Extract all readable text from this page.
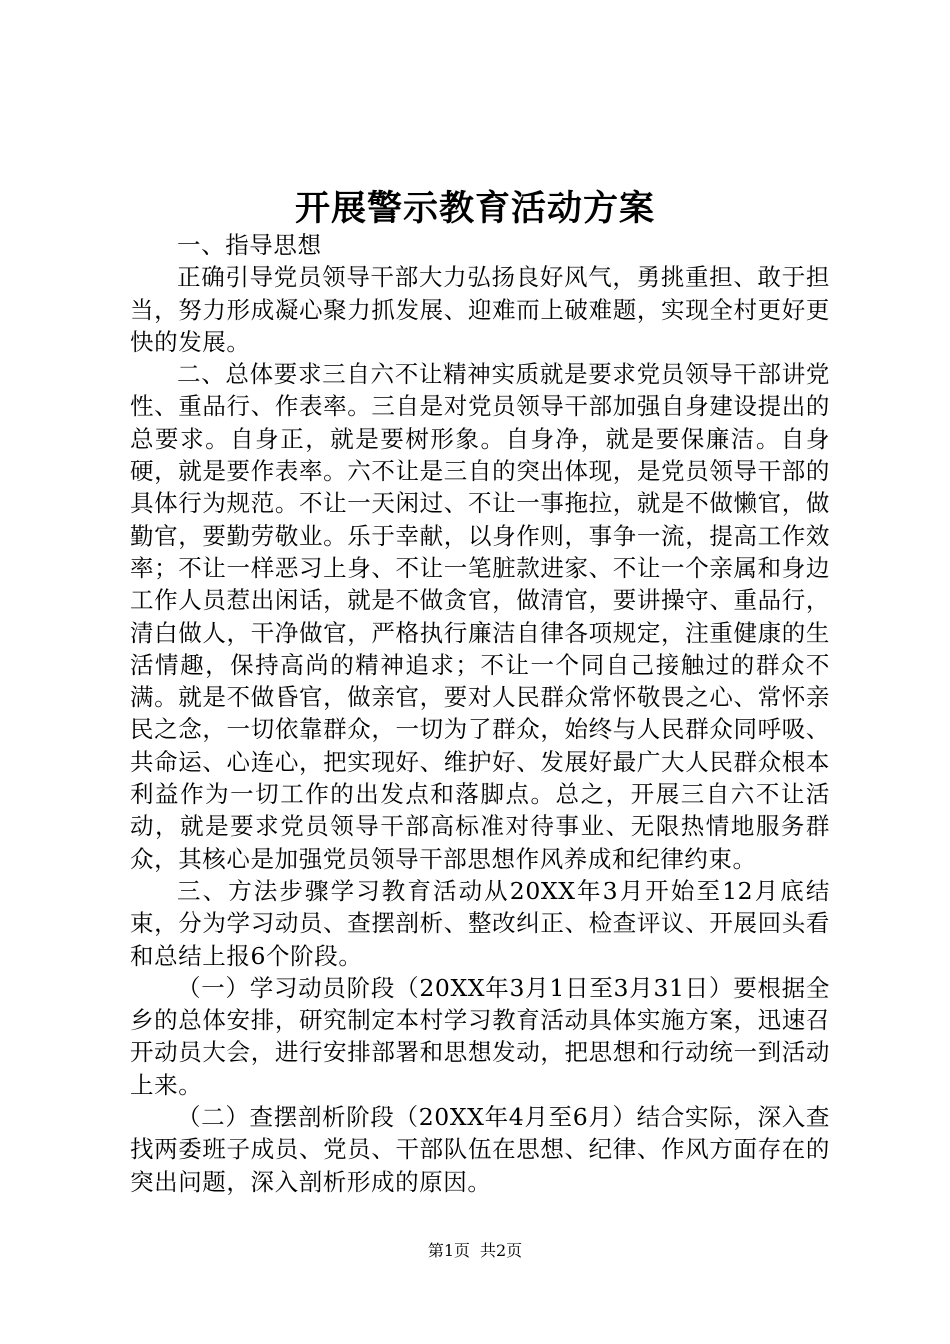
开展警示教育活动方案

一、指导思想

正确引导党员领导干部大力弘扬良好风气，勇挑重担、敢于担当，努力形成凝心聚力抓发展、迎难而上破难题，实现全村更好更快的发展。

二、总体要求三自六不让精神实质就是要求党员领导干部讲党性、重品行、作表率。三自是对党员领导干部加强自身建设提出的总要求。自身正，就是要树形象。自身净，就是要保廉洁。自身硬，就是要作表率。六不让是三自的突出体现，是党员领导干部的具体行为规范。不让一天闲过、不让一事拖拉，就是不做懒官，做勤官，要勤劳敬业。乐于幸献，以身作则，事争一流，提高工作效率；不让一样恶习上身、不让一笔脏款进家、不让一个亲属和身边工作人员惹出闲话，就是不做贪官，做清官，要讲操守、重品行，清白做人，干净做官，严格执行廉洁自律各项规定，注重健康的生活情趣，保持高尚的精神追求；不让一个同自己接触过的群众不满。就是不做昏官，做亲官，要对人民群众常怀敬畏之心、常怀亲民之念，一切依靠群众，一切为了群众，始终与人民群众同呼吸、共命运、心连心，把实现好、维护好、发展好最广大人民群众根本利益作为一切工作的出发点和落脚点。总之，开展三自六不让活动，就是要求党员领导干部高标准对待事业、无限热情地服务群众，其核心是加强党员领导干部思想作风养成和纪律约束。

三、方法步骤学习教育活动从20XX年3月开始至12月底结束，分为学习动员、查摆剖析、整改纠正、检查评议、开展回头看和总结上报6个阶段。

（一）学习动员阶段（20XX年3月1日至3月31日）要根据全乡的总体安排，研究制定本村学习教育活动具体实施方案，迅速召开动员大会，进行安排部署和思想发动，把思想和行动统一到活动上来。

（二）查摆剖析阶段（20XX年4月至6月）结合实际，深入查找两委班子成员、党员、干部队伍在思想、纪律、作风方面存在的突出问题，深入剖析形成的原因。

第1页 共2页
